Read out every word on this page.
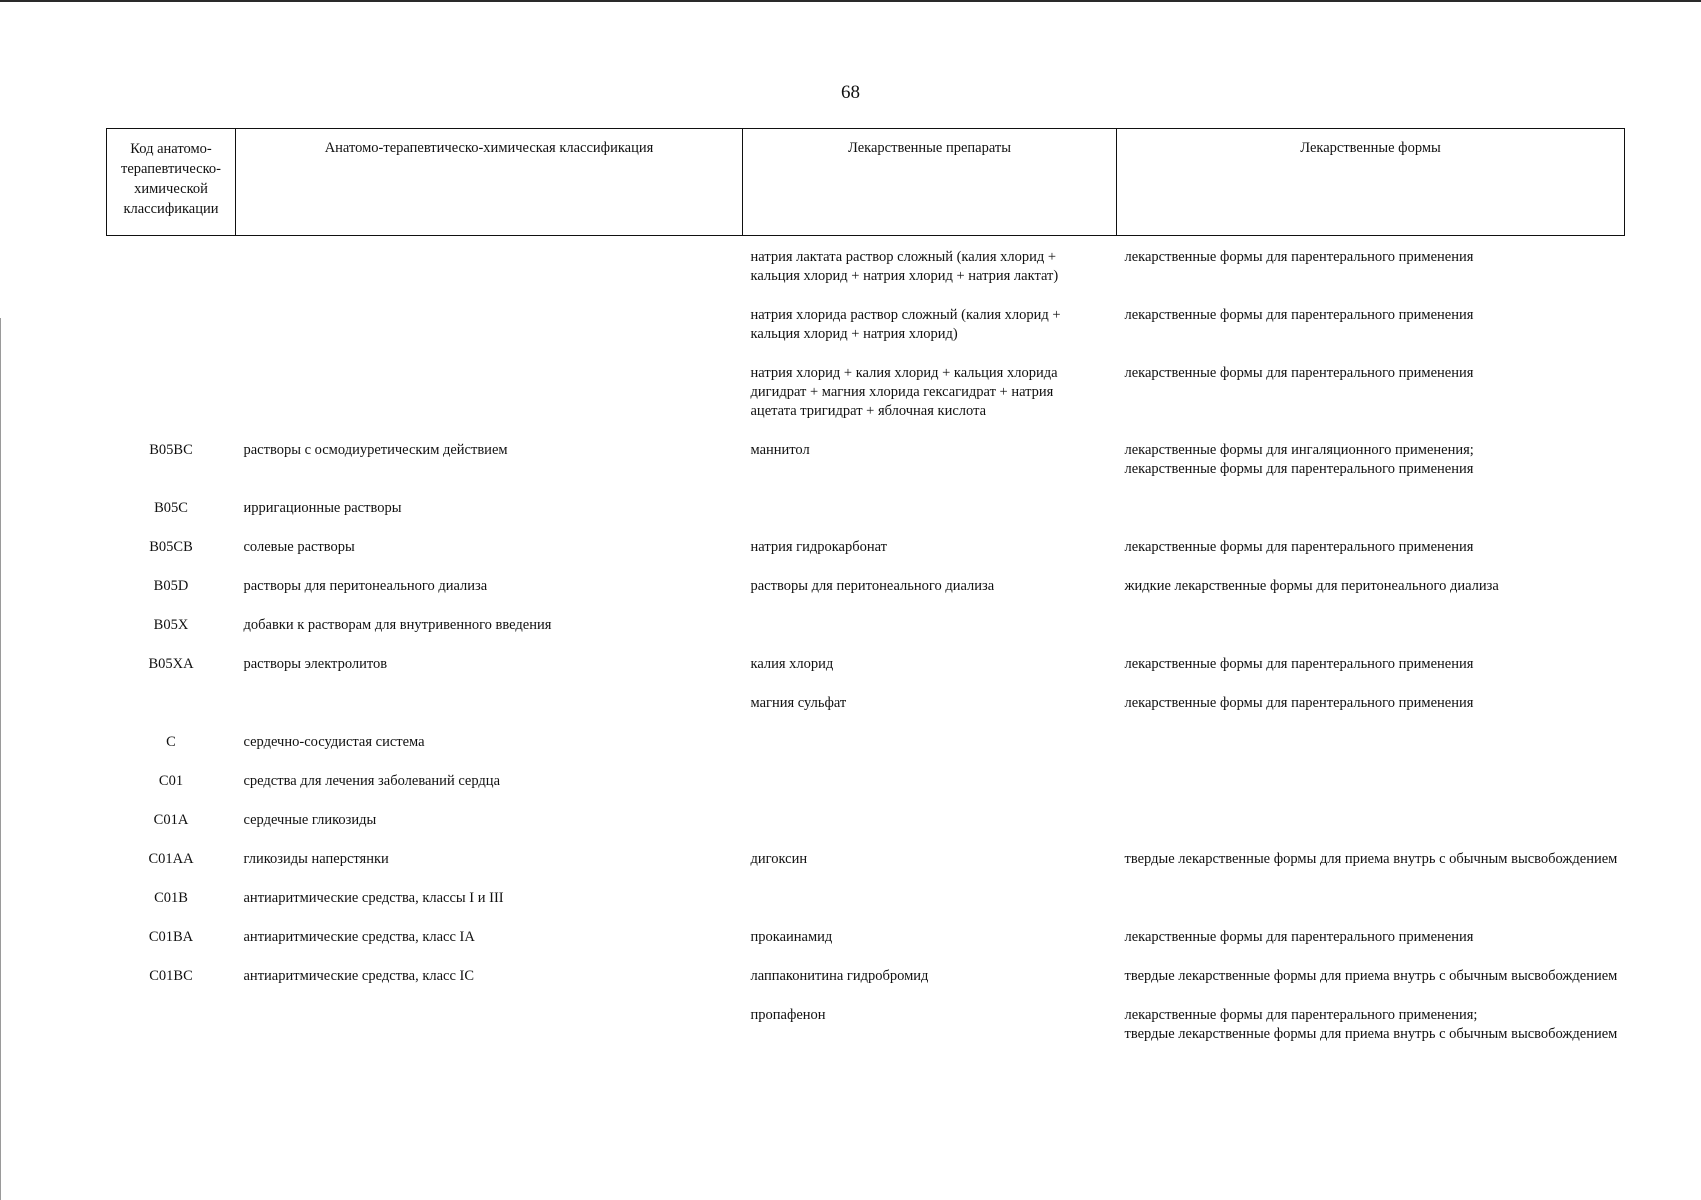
68
Код анатомо-терапевтическо-химической классификации	Анатомо-терапевтическо-химическая классификация	Лекарственные препараты	Лекарственные формы
		натрия лактата раствор сложный (калия хлорид + кальция хлорид + натрия хлорид + натрия лактат)	лекарственные формы для парентерального применения

		натрия хлорида раствор сложный (калия хлорид + кальция хлорид + натрия хлорид)	лекарственные формы для парентерального применения

		натрия хлорид + калия хлорид + кальция хлорида дигидрат + магния хлорида гексагидрат + натрия ацетата тригидрат + яблочная кислота	лекарственные формы для парентерального применения

B05BC	растворы с осмодиуретическим действием	маннитол	лекарственные формы для ингаляционного применения;
лекарственные формы для парентерального применения

B05C	ирригационные растворы		
B05CB	солевые растворы	натрия гидрокарбонат	лекарственные формы для парентерального применения

B05D	растворы для перитонеального диализа	растворы для перитонеального диализа	жидкие лекарственные формы для перитонеального диализа

B05X	добавки к растворам для внутривенного введения		
B05XA	растворы электролитов	калия хлорид	лекарственные формы для парентерального применения

		магния сульфат	лекарственные формы для парентерального применения

C	сердечно-сосудистая система		
C01	средства для лечения заболеваний сердца		
C01A	сердечные гликозиды		
C01AA	гликозиды наперстянки	дигоксин	твердые лекарственные формы для приема внутрь с обычным высвобождением

C01B	антиаритмические средства, классы I и III		
C01BA	антиаритмические средства, класс IA	прокаинамид	лекарственные формы для парентерального применения

C01BC	антиаритмические средства, класс IC	лаппаконитина гидробромид	твердые лекарственные формы для приема внутрь с обычным высвобождением

		пропафенон	лекарственные формы для парентерального применения;
твердые лекарственные формы для приема внутрь с обычным высвобождением
